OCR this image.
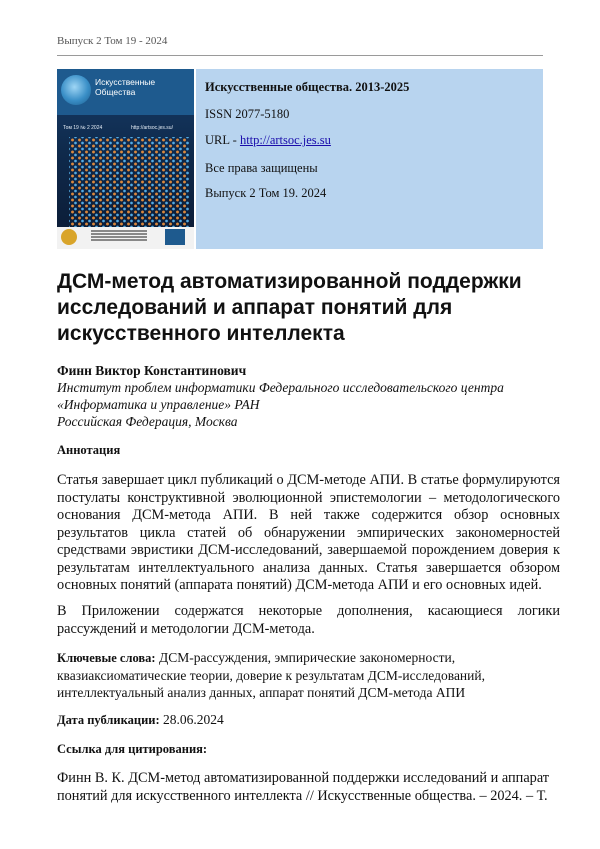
Выпуск 2 Том 19 - 2024
Искусственные
Общества
Том 19 № 2 2024	http://artsoc.jes.su/
Искусственные общества. 2013-2025
ISSN 2077-5180
URL - http://artsoc.jes.su
Все права защищены
Выпуск 2 Том 19. 2024
ДСМ-метод автоматизированной поддержки исследований и аппарат понятий для искусственного интеллекта
Финн Виктор Константинович
Институт проблем информатики Федерального исследовательского центра
«Информатика и управление» РАН
Российская Федерация, Москва
Аннотация

Статья завершает цикл публикаций о ДСМ-методе АПИ. В статье формулируются постулаты конструктивной эволюционной эпистемологии – методологического основания ДСМ-метода АПИ. В ней также содержится обзор основных результатов цикла статей об обнаружении эмпирических закономерностей средствами эвристики ДСМ-исследований, завершаемой порождением доверия к результатам интеллектуального анализа данных. Статья завершается обзором основных понятий (аппарата понятий) ДСМ-метода АПИ и его основных идей.

В Приложении содержатся некоторые дополнения, касающиеся логики рассуждений и методологии ДСМ-метода.

Ключевые слова: ДСМ-рассуждения, эмпирические закономерности, квазиаксиоматические теории, доверие к результатам ДСМ-исследований, интеллектуальный анализ данных, аппарат понятий ДСМ-метода АПИ

Дата публикации: 28.06.2024
Ссылка для цитирования:

Финн В. К. ДСМ-метод автоматизированной поддержки исследований и аппарат понятий для искусственного интеллекта // Искусственные общества. – 2024. – Т.
